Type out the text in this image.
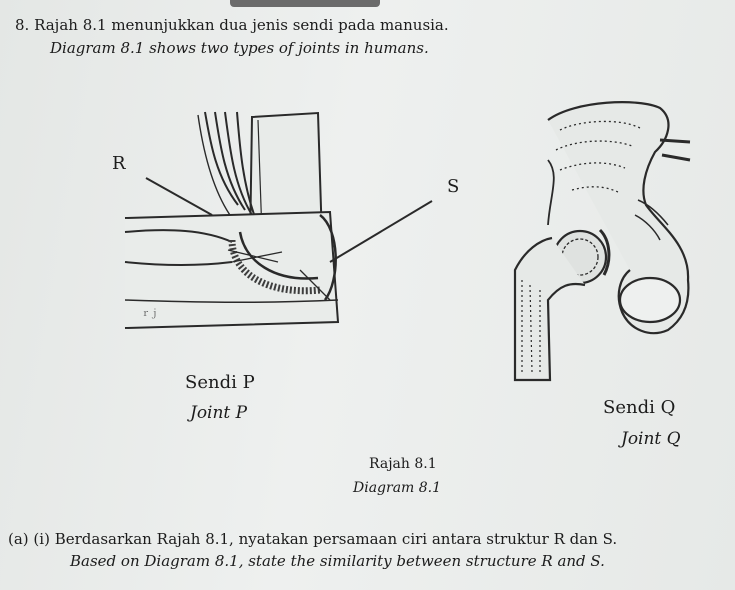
8. Rajah 8.1 menunjukkan dua jenis sendi pada manusia.
Diagram 8.1 shows two types of joints in humans.
ｒｊ
R
S
Sendi P
Joint P	Sendi Q
Joint Q
Rajah 8.1
Diagram 8.1
(a) (i) Berdasarkan Rajah 8.1, nyatakan persamaan ciri antara struktur R dan S.
Based on Diagram 8.1, state the similarity between structure R and S.
